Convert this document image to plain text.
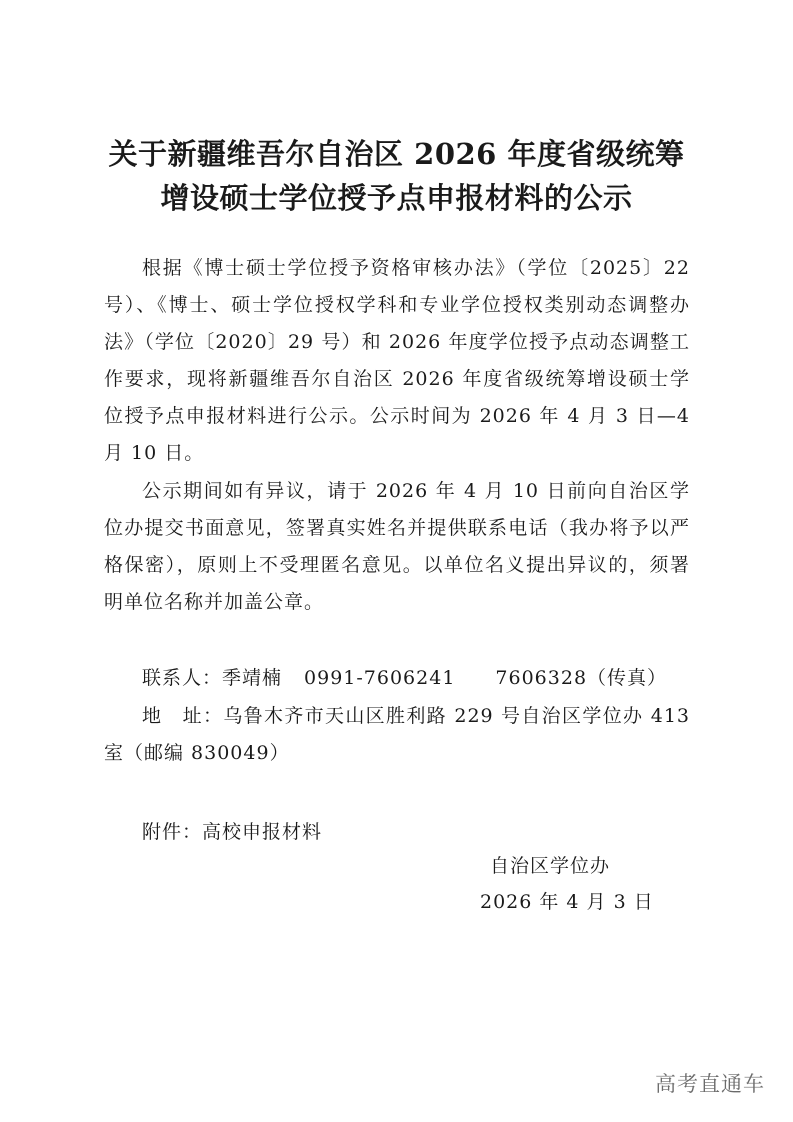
关于新疆维吾尔自治区 2026 年度省级统筹
增设硕士学位授予点申报材料的公示
根据《博士硕士学位授予资格审核办法》（学位〔2025〕22号）、《博士、硕士学位授权学科和专业学位授权类别动态调整办法》（学位〔2020〕29 号）和 2026 年度学位授予点动态调整工作要求，现将新疆维吾尔自治区 2026 年度省级统筹增设硕士学位授予点申报材料进行公示。公示时间为 2026 年 4 月 3 日—4月 10 日。
公示期间如有异议，请于 2026 年 4 月 10 日前向自治区学位办提交书面意见，签署真实姓名并提供联系电话（我办将予以严格保密），原则上不受理匿名意见。以单位名义提出异议的，须署明单位名称并加盖公章。
联系人：季靖楠 0991-7606241 7606328（传真）
地　址：乌鲁木齐市天山区胜利路 229 号自治区学位办 413室（邮编 830049）
附件：高校申报材料
自治区学位办
2026 年 4 月 3 日
高考直通车
